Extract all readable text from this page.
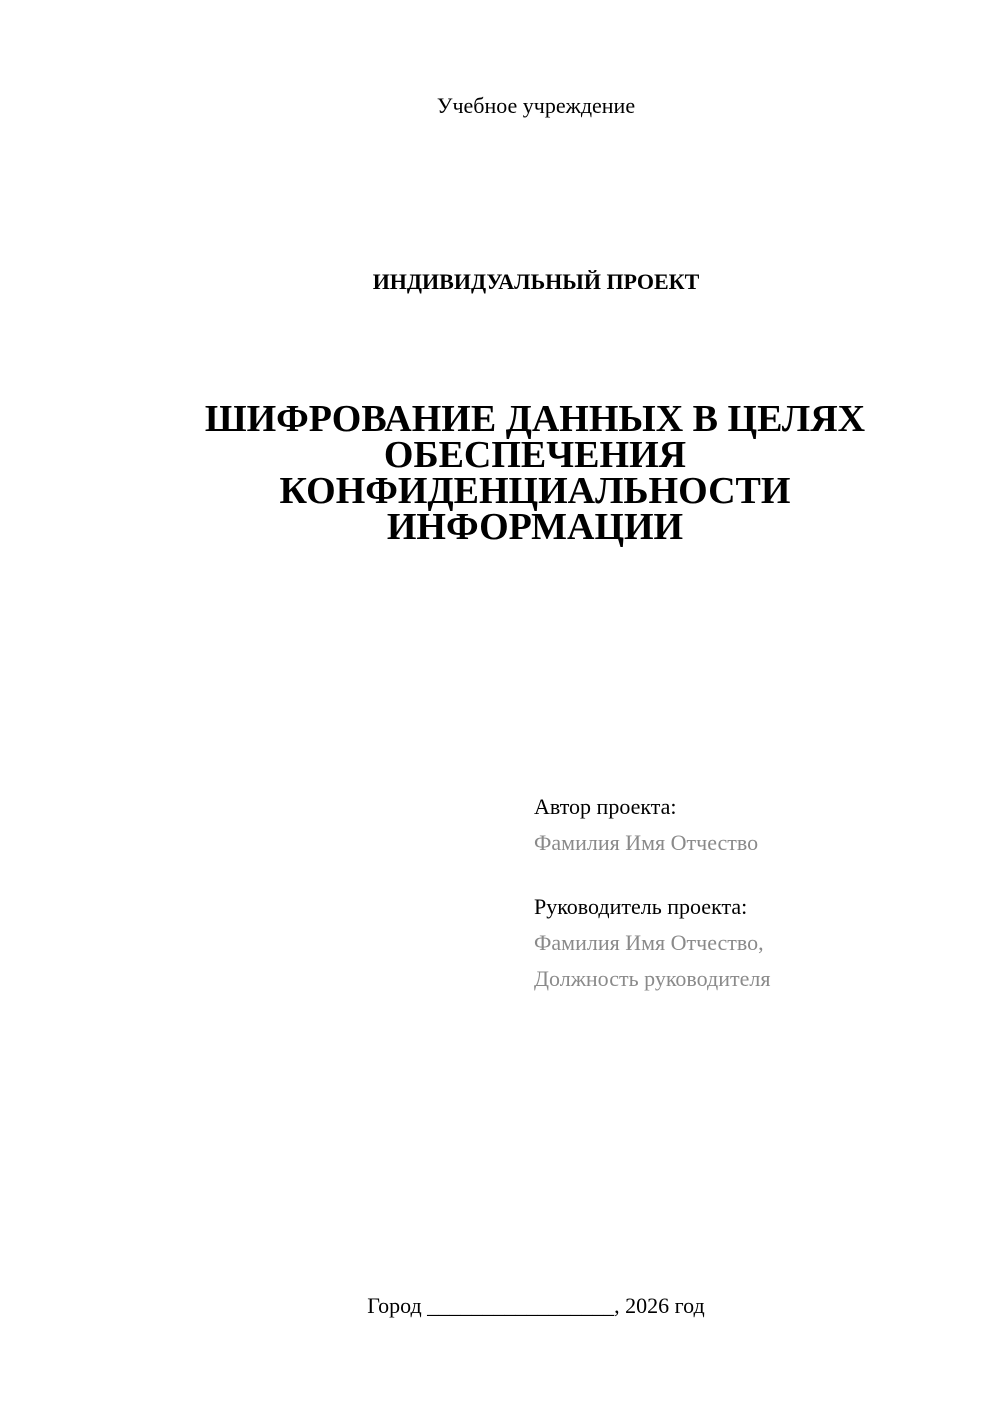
Учебное учреждение
ИНДИВИДУАЛЬНЫЙ ПРОЕКТ
ШИФРОВАНИЕ ДАННЫХ В ЦЕЛЯХ
ОБЕСПЕЧЕНИЯ
КОНФИДЕНЦИАЛЬНОСТИ
ИНФОРМАЦИИ
Автор проекта:
Фамилия Имя Отчество
Руководитель проекта:
Фамилия Имя Отчество,
Должность руководителя
Город _________________, 2026 год
